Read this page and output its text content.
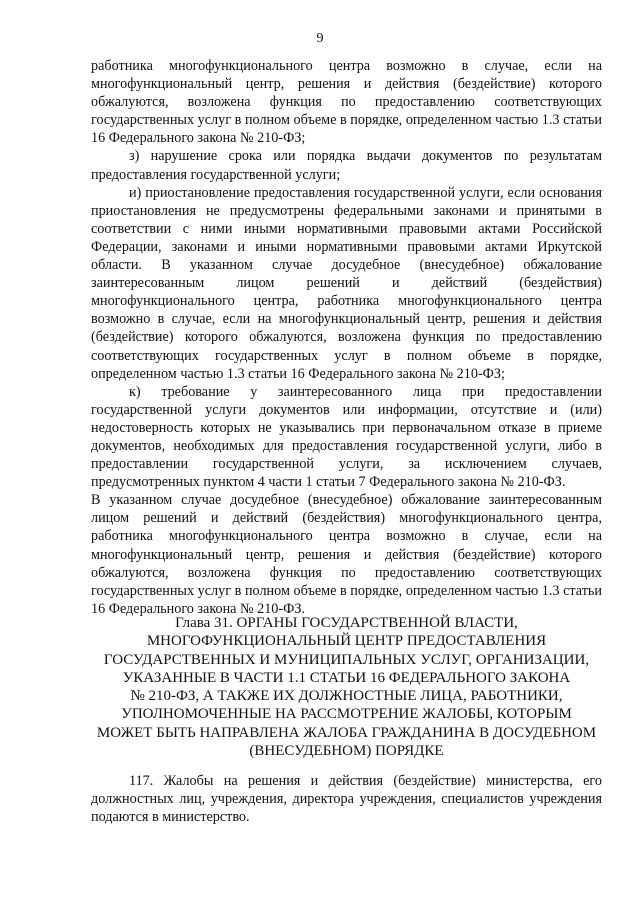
9

работника многофункционального центра возможно в случае, если на многофункциональный центр, решения и действия (бездействие) которого обжалуются, возложена функция по предоставлению соответствующих государственных услуг в полном объеме в порядке, определенном частью 1.3 статьи 16 Федерального закона № 210-ФЗ;

з) нарушение срока или порядка выдачи документов по результатам предоставления государственной услуги;

и) приостановление предоставления государственной услуги, если основания приостановления не предусмотрены федеральными законами и принятыми в соответствии с ними иными нормативными правовыми актами Российской Федерации, законами и иными нормативными правовыми актами Иркутской области. В указанном случае досудебное (внесудебное) обжалование заинтересованным лицом решений и действий (бездействия) многофункционального центра, работника многофункционального центра возможно в случае, если на многофункциональный центр, решения и действия (бездействие) которого обжалуются, возложена функция по предоставлению соответствующих государственных услуг в полном объеме в порядке, определенном частью 1.3 статьи 16 Федерального закона № 210-ФЗ;

к) требование у заинтересованного лица при предоставлении государственной услуги документов или информации, отсутствие и (или) недостоверность которых не указывались при первоначальном отказе в приеме документов, необходимых для предоставления государственной услуги, либо в предоставлении государственной услуги, за исключением случаев, предусмотренных пунктом 4 части 1 статьи 7 Федерального закона № 210-ФЗ.

В указанном случае досудебное (внесудебное) обжалование заинтересованным лицом решений и действий (бездействия) многофункционального центра, работника многофункционального центра возможно в случае, если на многофункциональный центр, решения и действия (бездействие) которого обжалуются, возложена функция по предоставлению соответствующих государственных услуг в полном объеме в порядке, определенном частью 1.3 статьи 16 Федерального закона № 210-ФЗ.

Глава 31. ОРГАНЫ ГОСУДАРСТВЕННОЙ ВЛАСТИ,
МНОГОФУНКЦИОНАЛЬНЫЙ ЦЕНТР ПРЕДОСТАВЛЕНИЯ
ГОСУДАРСТВЕННЫХ И МУНИЦИПАЛЬНЫХ УСЛУГ, ОРГАНИЗАЦИИ,
УКАЗАННЫЕ В ЧАСТИ 1.1 СТАТЬИ 16 ФЕДЕРАЛЬНОГО ЗАКОНА
№ 210-ФЗ, А ТАКЖЕ ИХ ДОЛЖНОСТНЫЕ ЛИЦА, РАБОТНИКИ,
УПОЛНОМОЧЕННЫЕ НА РАССМОТРЕНИЕ ЖАЛОБЫ, КОТОРЫМ
МОЖЕТ БЫТЬ НАПРАВЛЕНА ЖАЛОБА ГРАЖДАНИНА В ДОСУДЕБНОМ
(ВНЕСУДЕБНОМ) ПОРЯДКЕ

117. Жалобы на решения и действия (бездействие) министерства, его должностных лиц, учреждения, директора учреждения, специалистов учреждения подаются в министерство.
